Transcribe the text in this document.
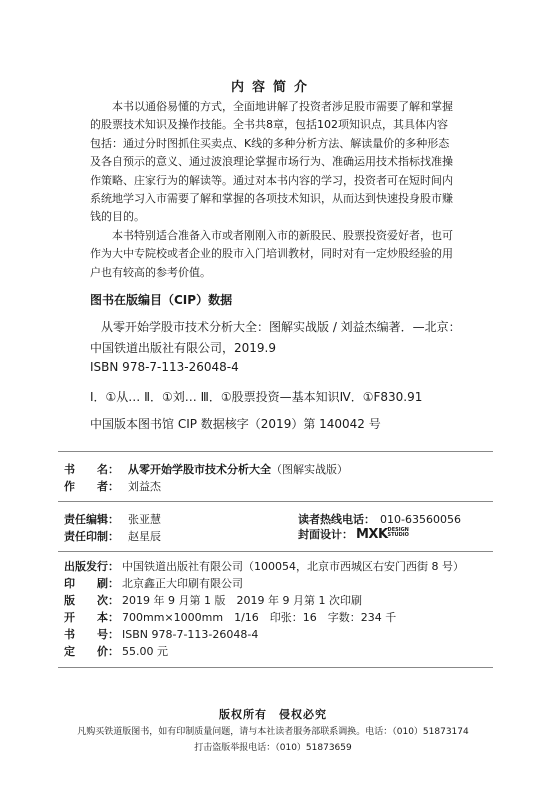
内容简介
本书以通俗易懂的方式，全面地讲解了投资者涉足股市需要了解和掌握
的股票技术知识及操作技能。全书共8章，包括102项知识点，其具体内容
包括：通过分时图抓住买卖点、K线的多种分析方法、解读量价的多种形态
及各自预示的意义、通过波浪理论掌握市场行为、准确运用技术指标找准操
作策略、庄家行为的解读等。通过对本书内容的学习，投资者可在短时间内
系统地学习入市需要了解和掌握的各项技术知识，从而达到快速投身股市赚
钱的目的。
本书特别适合准备入市或者刚刚入市的新股民、股票投资爱好者，也可
作为大中专院校或者企业的股市入门培训教材，同时对有一定炒股经验的用
户也有较高的参考价值。
图书在版编目（CIP）数据
从零开始学股市技术分析大全：图解实战版 / 刘益杰编著．—北京：
中国铁道出版社有限公司，2019.9
ISBN 978-7-113-26048-4
Ⅰ．①从… Ⅱ．①刘… Ⅲ．①股票投资—基本知识Ⅳ．①F830.91
中国版本图书馆 CIP 数据核字（2019）第 140042 号
书　　名： 从零开始学股市技术分析大全（图解实战版）
作　　者： 刘益杰
责任编辑： 张亚慧	读者热线电话： 010-63560056
责任印制： 赵星辰	封面设计： MXKDESIGN STUDIO
出版发行： 中国铁道出版社有限公司（100054，北京市西城区右安门西街 8 号）
印　　刷： 北京鑫正大印刷有限公司
版　　次： 2019 年 9 月第 1 版　2019 年 9 月第 1 次印刷
开　　本： 700mm×1000mm　1/16　印张：16　字数：234 千
书　　号： ISBN 978-7-113-26048-4
定　　价： 55.00 元
版权所有　侵权必究
凡购买铁道版图书，如有印制质量问题，请与本社读者服务部联系调换。电话：（010）51873174
打击盗版举报电话：（010）51873659
